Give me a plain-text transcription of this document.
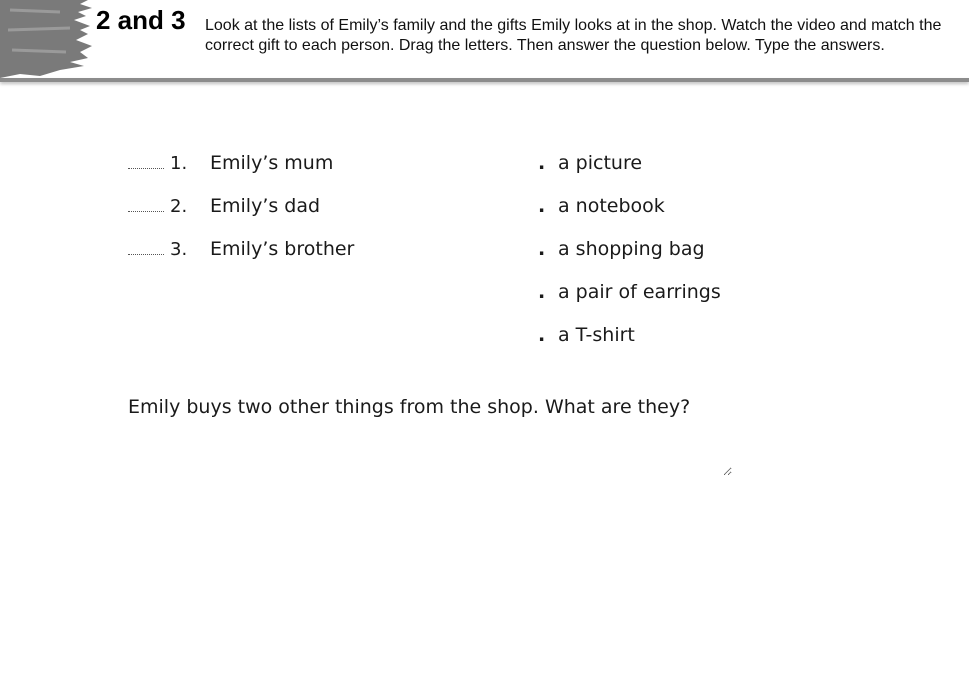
2 and 3 Look at the lists of Emily’s family and the gifts Emily looks at in the shop. Watch the video and match the correct gift to each person. Drag the letters. Then answer the question below. Type the answers.
1.	Emily’s mum
2.	Emily’s dad
3.	Emily’s brother
. a picture
. a notebook
. a shopping bag
. a pair of earrings
. a T-shirt
Emily buys two other things from the shop. What are they?
